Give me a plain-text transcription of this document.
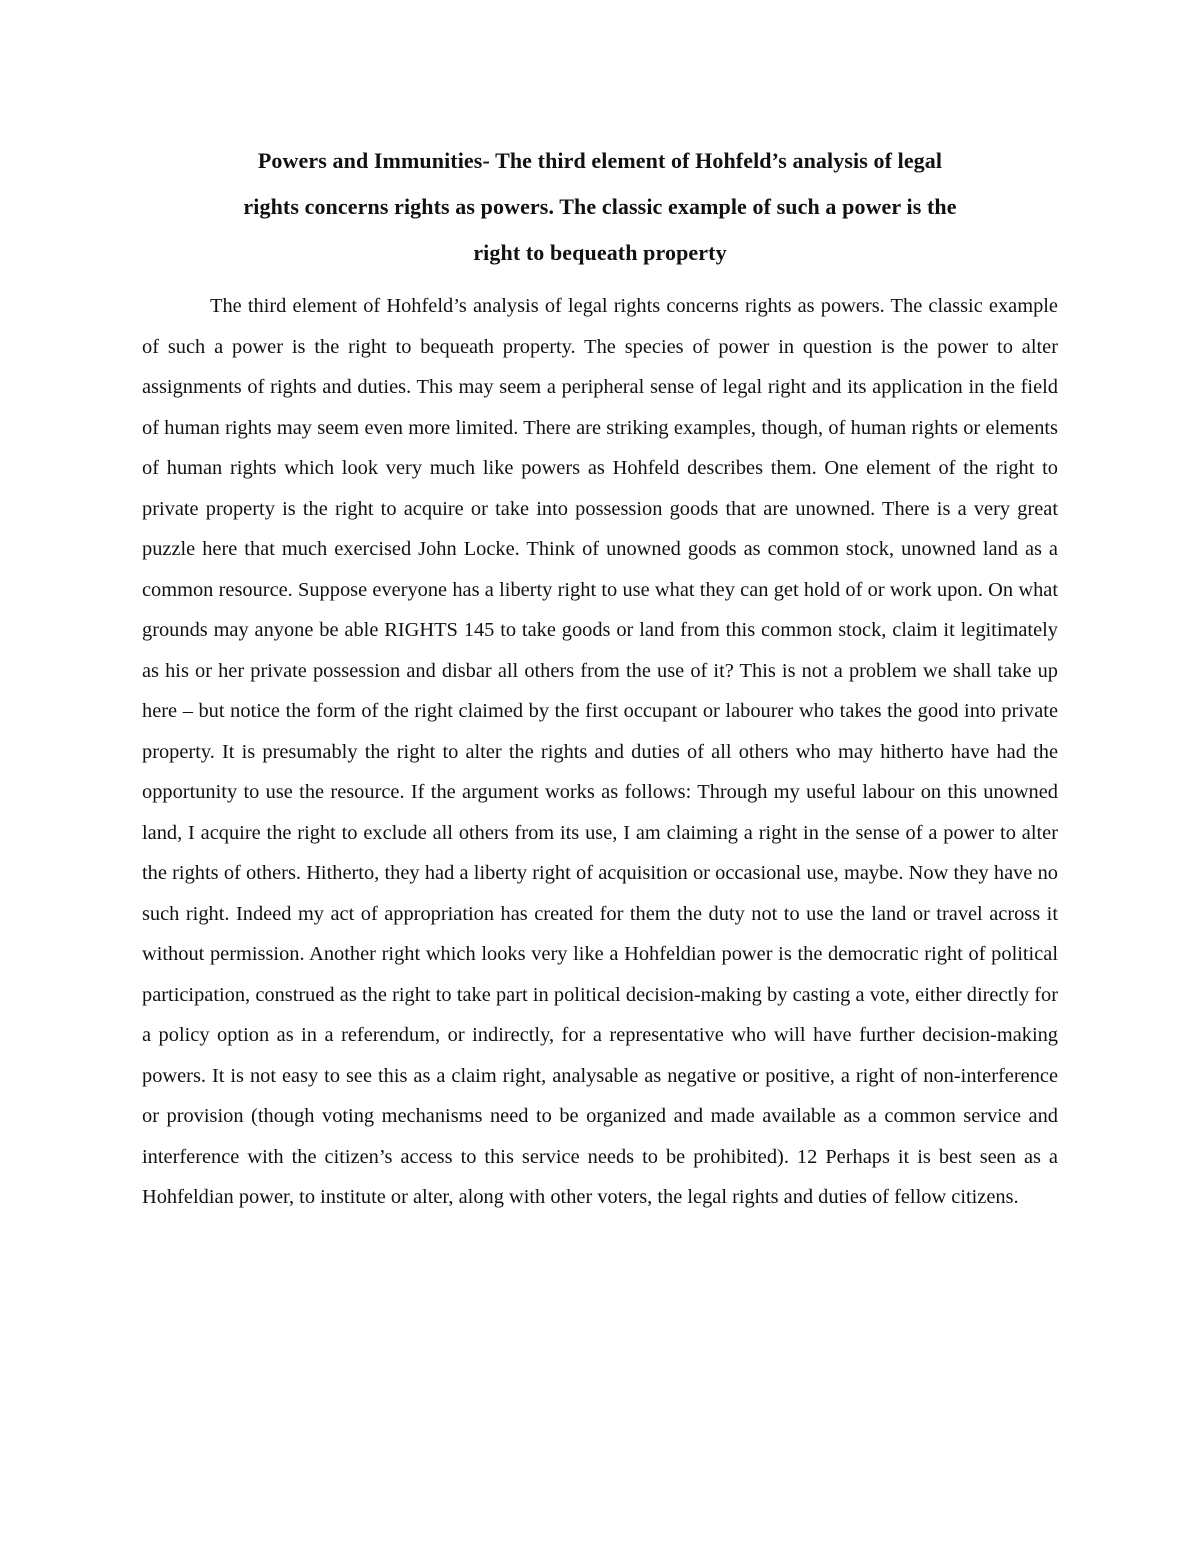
Powers and Immunities- The third element of Hohfeld’s analysis of legal
rights concerns rights as powers. The classic example of such a power is the
right to bequeath property

The third element of Hohfeld’s analysis of legal rights concerns rights as powers. The classic example of such a power is the right to bequeath property. The species of power in question is the power to alter assignments of rights and duties. This may seem a peripheral sense of legal right and its application in the field of human rights may seem even more limited. There are striking examples, though, of human rights or elements of human rights which look very much like powers as Hohfeld describes them. One element of the right to private property is the right to acquire or take into possession goods that are unowned. There is a very great puzzle here that much exercised John Locke. Think of unowned goods as common stock, unowned land as a common resource. Suppose everyone has a liberty right to use what they can get hold of or work upon. On what grounds may anyone be able RIGHTS 145 to take goods or land from this common stock, claim it legitimately as his or her private possession and disbar all others from the use of it? This is not a problem we shall take up here – but notice the form of the right claimed by the first occupant or labourer who takes the good into private property. It is presumably the right to alter the rights and duties of all others who may hitherto have had the opportunity to use the resource. If the argument works as follows: Through my useful labour on this unowned land, I acquire the right to exclude all others from its use, I am claiming a right in the sense of a power to alter the rights of others. Hitherto, they had a liberty right of acquisition or occasional use, maybe. Now they have no such right. Indeed my act of appropriation has created for them the duty not to use the land or travel across it without permission. Another right which looks very like a Hohfeldian power is the democratic right of political participation, construed as the right to take part in political decision-making by casting a vote, either directly for a policy option as in a referendum, or indirectly, for a representative who will have further decision-making powers. It is not easy to see this as a claim right, analysable as negative or positive, a right of non-interference or provision (though voting mechanisms need to be organized and made available as a common service and interference with the citizen’s access to this service needs to be prohibited). 12 Perhaps it is best seen as a Hohfeldian power, to institute or alter, along with other voters, the legal rights and duties of fellow citizens.
